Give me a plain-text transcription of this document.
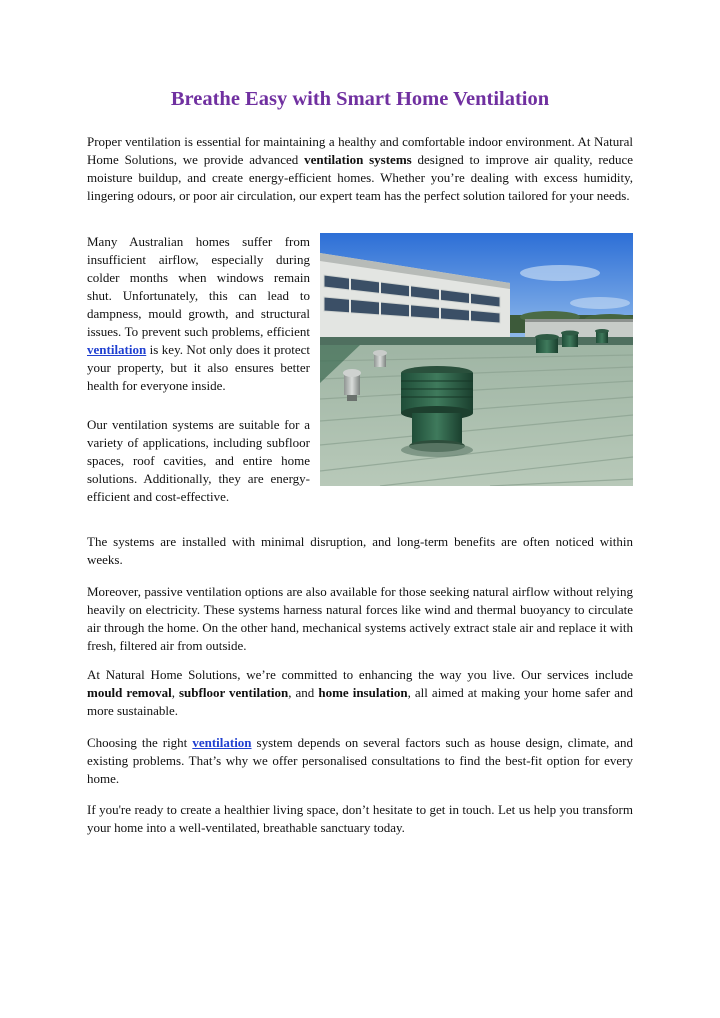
Breathe Easy with Smart Home Ventilation

Proper ventilation is essential for maintaining a healthy and comfortable indoor environment. At Natural Home Solutions, we provide advanced ventilation systems designed to improve air quality, reduce moisture buildup, and create energy-efficient homes. Whether you’re dealing with excess humidity, lingering odours, or poor air circulation, our expert team has the perfect solution tailored for your needs.

Many Australian homes suffer from insufficient airflow, especially during colder months when windows remain shut. Unfortunately, this can lead to dampness, mould growth, and structural issues. To prevent such problems, efficient ventilation is key. Not only does it protect your property, but it also ensures better health for everyone inside.

Our ventilation systems are suitable for a variety of applications, including subfloor spaces, roof cavities, and entire home solutions. Additionally, they are energy-efficient and cost-effective.

The systems are installed with minimal disruption, and long-term benefits are often noticed within weeks.

Moreover, passive ventilation options are also available for those seeking natural airflow without relying heavily on electricity. These systems harness natural forces like wind and thermal buoyancy to circulate air through the home. On the other hand, mechanical systems actively extract stale air and replace it with fresh, filtered air from outside.

At Natural Home Solutions, we’re committed to enhancing the way you live. Our services include mould removal, subfloor ventilation, and home insulation, all aimed at making your home safer and more sustainable.

Choosing the right ventilation system depends on several factors such as house design, climate, and existing problems. That’s why we offer personalised consultations to find the best-fit option for every home.

If you're ready to create a healthier living space, don’t hesitate to get in touch. Let us help you transform your home into a well-ventilated, breathable sanctuary today.
